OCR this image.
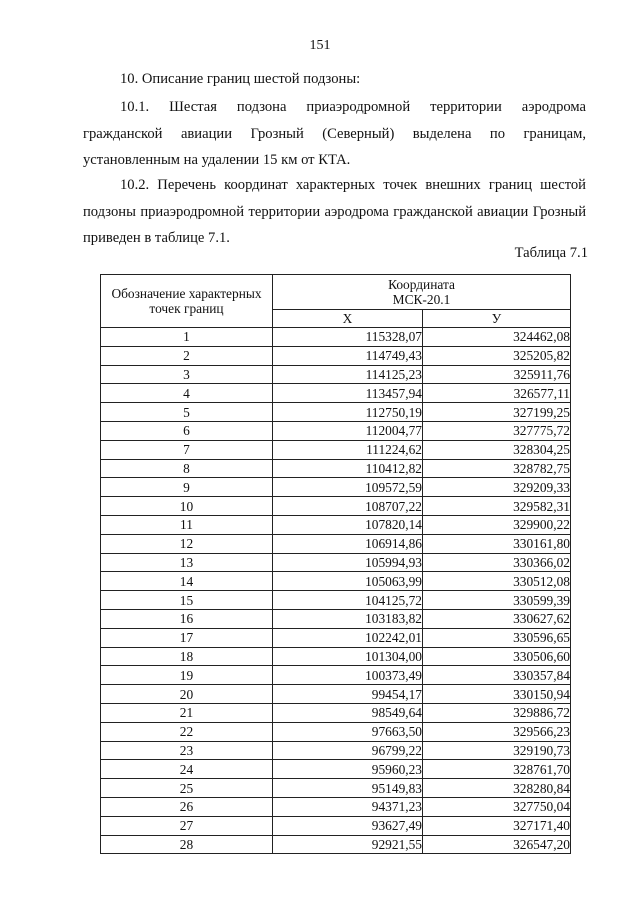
151

10. Описание границ шестой подзоны:

10.1. Шестая подзона приаэродромной территории аэродрома гражданской авиации Грозный (Северный) выделена по границам, установленным на удалении 15 км от КТА.

10.2. Перечень координат характерных точек внешних границ шестой подзоны приаэродромной территории аэродрома гражданской авиации Грозный приведен в таблице 7.1.

Таблица 7.1
Обозначение характерных точек границ	Координата
МСК-20.1	
	X	У
1	115328,07	324462,08
2	114749,43	325205,82
3	114125,23	325911,76
4	113457,94	326577,11
5	112750,19	327199,25
6	112004,77	327775,72
7	111224,62	328304,25
8	110412,82	328782,75
9	109572,59	329209,33
10	108707,22	329582,31
11	107820,14	329900,22
12	106914,86	330161,80
13	105994,93	330366,02
14	105063,99	330512,08
15	104125,72	330599,39
16	103183,82	330627,62
17	102242,01	330596,65
18	101304,00	330506,60
19	100373,49	330357,84
20	99454,17	330150,94
21	98549,64	329886,72
22	97663,50	329566,23
23	96799,22	329190,73
24	95960,23	328761,70
25	95149,83	328280,84
26	94371,23	327750,04
27	93627,49	327171,40
28	92921,55	326547,20
